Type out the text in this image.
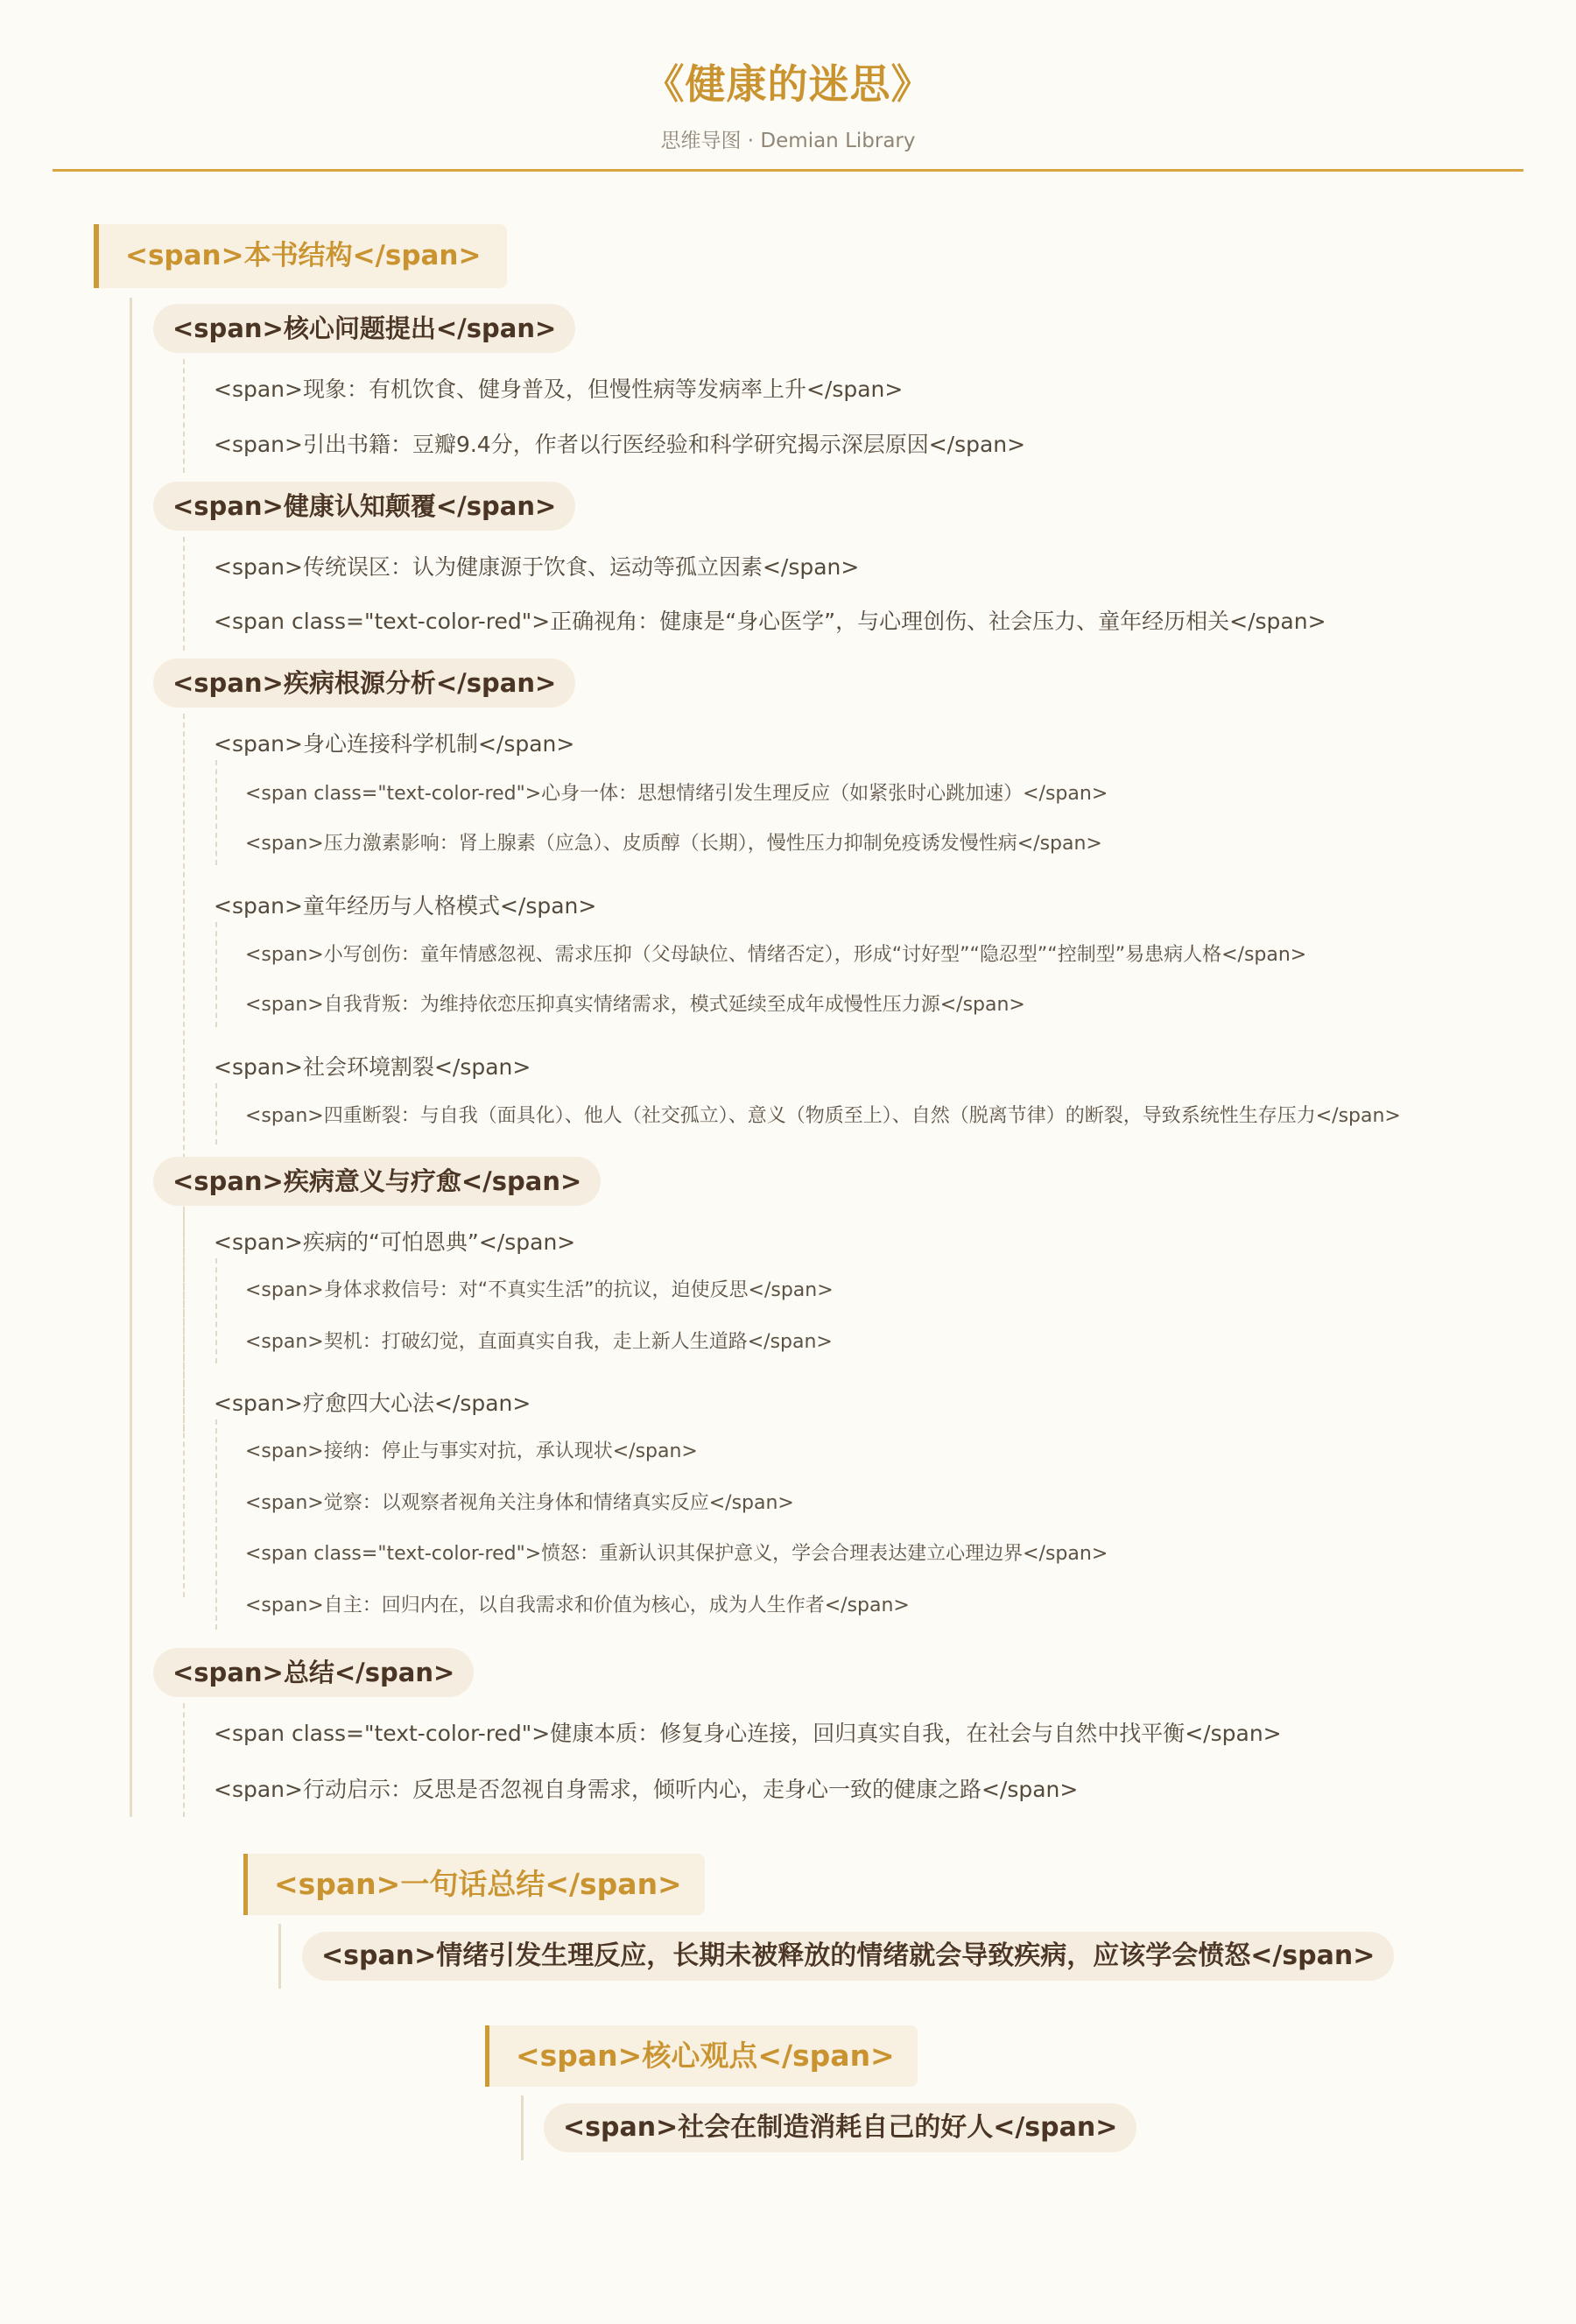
《健康的迷思》
思维导图 · Demian Library
<span>本书结构</span>
<span>核心问题提出</span>
<span>现象：有机饮食、健身普及，但慢性病等发病率上升</span>
<span>引出书籍：豆瓣9.4分，作者以行医经验和科学研究揭示深层原因</span>
<span>健康认知颠覆</span>
<span>传统误区：认为健康源于饮食、运动等孤立因素</span>
<span class="text-color-red">正确视角：健康是“身心医学”，与心理创伤、社会压力、童年经历相关</span>
<span>疾病根源分析</span>
<span>身心连接科学机制</span>
<span class="text-color-red">心身一体：思想情绪引发生理反应（如紧张时心跳加速）</span>
<span>压力激素影响：肾上腺素（应急）、皮质醇（长期），慢性压力抑制免疫诱发慢性病</span>
<span>童年经历与人格模式</span>
<span>小写创伤：童年情感忽视、需求压抑（父母缺位、情绪否定），形成“讨好型”“隐忍型”“控制型”易患病人格</span>
<span>自我背叛：为维持依恋压抑真实情绪需求，模式延续至成年成慢性压力源</span>
<span>社会环境割裂</span>
<span>四重断裂：与自我（面具化）、他人（社交孤立）、意义（物质至上）、自然（脱离节律）的断裂，导致系统性生存压力</span>
<span>疾病意义与疗愈</span>
<span>疾病的“可怕恩典”</span>
<span>身体求救信号：对“不真实生活”的抗议，迫使反思</span>
<span>契机：打破幻觉，直面真实自我，走上新人生道路</span>
<span>疗愈四大心法</span>
<span>接纳：停止与事实对抗，承认现状</span>
<span>觉察：以观察者视角关注身体和情绪真实反应</span>
<span class="text-color-red">愤怒：重新认识其保护意义，学会合理表达建立心理边界</span>
<span>自主：回归内在，以自我需求和价值为核心，成为人生作者</span>
<span>总结</span>
<span class="text-color-red">健康本质：修复身心连接，回归真实自我，在社会与自然中找平衡</span>
<span>行动启示：反思是否忽视自身需求，倾听内心，走身心一致的健康之路</span>
<span>一句话总结</span>
<span>情绪引发生理反应，长期未被释放的情绪就会导致疾病，应该学会愤怒</span>
<span>核心观点</span>
<span>社会在制造消耗自己的好人</span>
